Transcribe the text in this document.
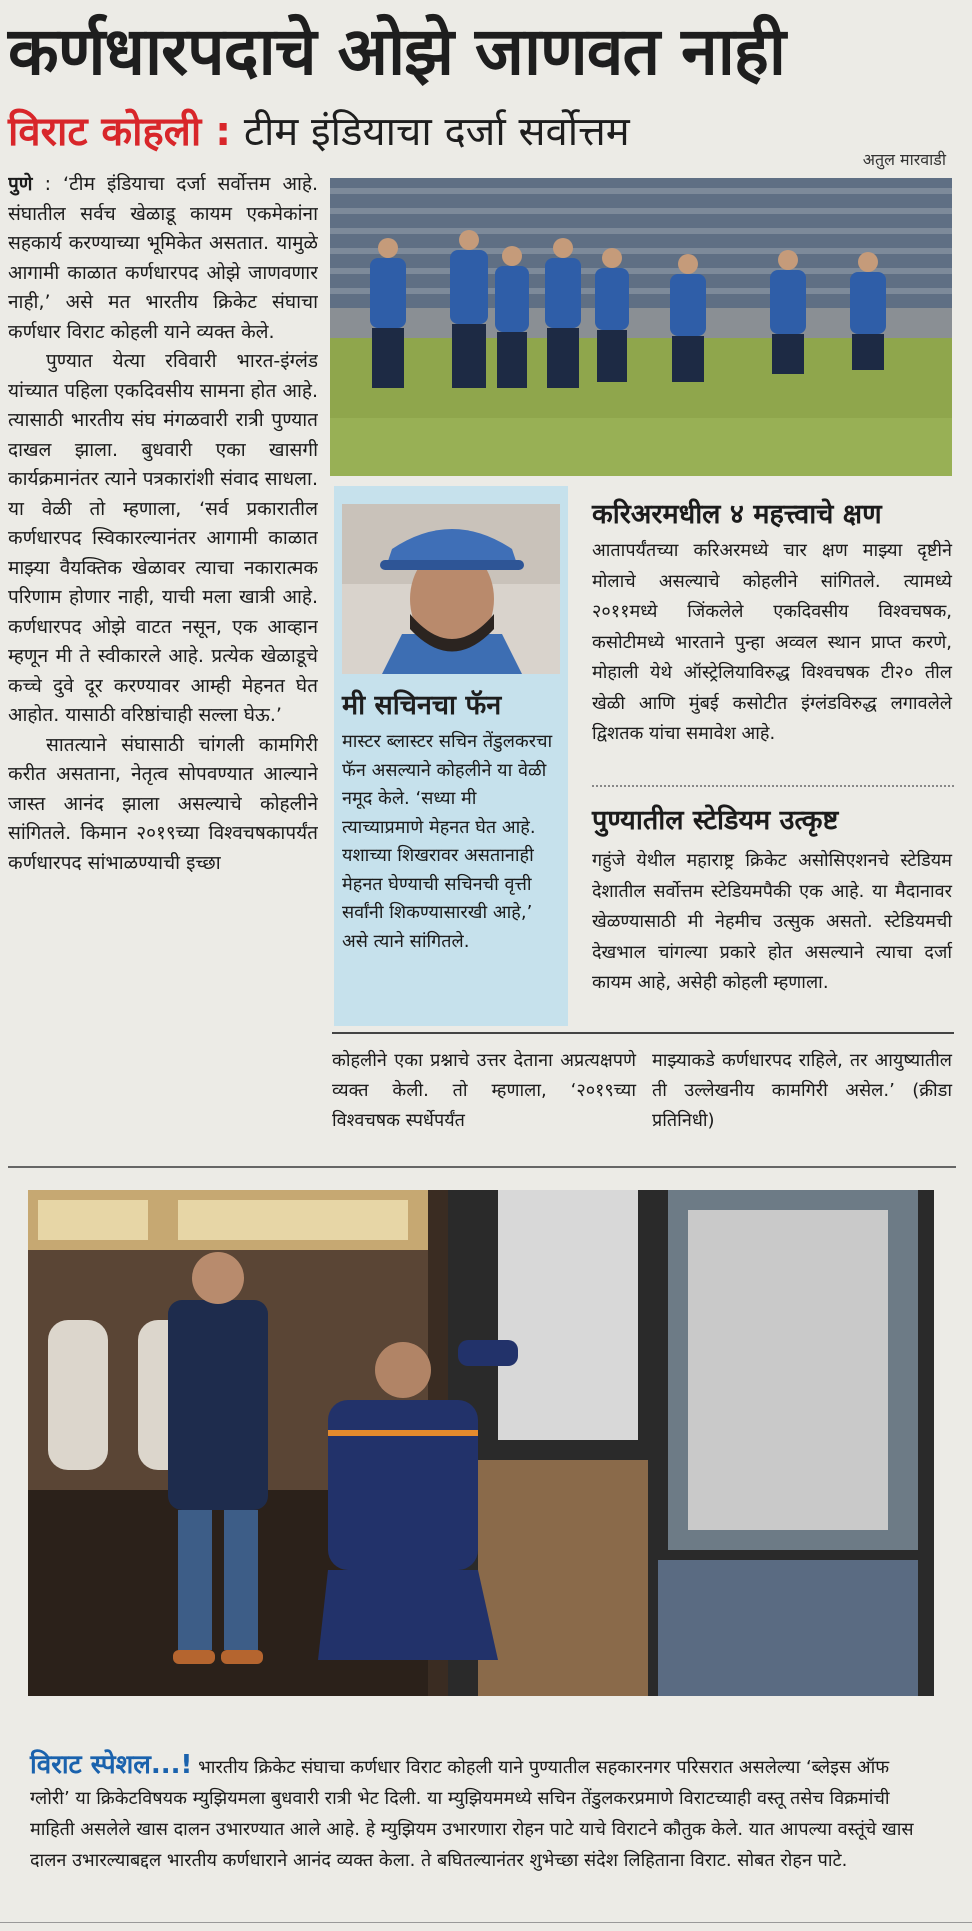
कर्णधारपदाचे ओझे जाणवत नाही
विराट कोहली : टीम इंडियाचा दर्जा सर्वोत्तम
अतुल मारवाडी

पुणे : ‘टीम इंडियाचा दर्जा सर्वोत्तम आहे. संघातील सर्वच खेळाडू कायम एकमेकांना सहकार्य करण्याच्या भूमिकेत असतात. यामुळे आगामी काळात कर्णधारपद ओझे जाणवणार नाही,’ असे मत भारतीय क्रिकेट संघाचा कर्णधार विराट कोहली याने व्यक्त केले.

पुण्यात येत्या रविवारी भारत-इंग्लंड यांच्यात पहिला एकदिवसीय सामना होत आहे. त्यासाठी भारतीय संघ मंगळवारी रात्री पुण्यात दाखल झाला. बुधवारी एका खासगी कार्यक्रमानंतर त्याने पत्रकारांशी संवाद साधला. या वेळी तो म्हणाला, ‘सर्व प्रकारातील कर्णधारपद स्विकारल्यानंतर आगामी काळात माझ्या वैयक्तिक खेळावर त्याचा नकारात्मक परिणाम होणार नाही, याची मला खात्री आहे. कर्णधारपद ओझे वाटत नसून, एक आव्हान म्हणून मी ते स्वीकारले आहे. प्रत्येक खेळाडूचे कच्चे दुवे दूर करण्यावर आम्ही मेहनत घेत आहोत. यासाठी वरिष्ठांचाही सल्ला घेऊ.’

सातत्याने संघासाठी चांगली कामगिरी करीत असताना, नेतृत्व सोपवण्यात आल्याने जास्त आनंद झाला असल्याचे कोहलीने सांगितले. किमान २०१९च्या विश्वचषकापर्यंत कर्णधारपद सांभाळण्याची इच्छा

मी सचिनचा फॅन
मास्टर ब्लास्टर सचिन तेंडुलकरचा फॅन असल्याने कोहलीने या वेळी नमूद केले. ‘सध्या मी त्याच्याप्रमाणे मेहनत घेत आहे. यशाच्या शिखरावर असतानाही मेहनत घेण्याची सचिनची वृत्ती सर्वांनी शिकण्यासारखी आहे,’ असे त्याने सांगितले.
करिअरमधील ४ महत्त्वाचे क्षण
आतापर्यंतच्या करिअरमध्ये चार क्षण माझ्या दृष्टीने मोलाचे असल्याचे कोहलीने सांगितले. त्यामध्ये २०११मध्ये जिंकलेले एकदिवसीय विश्वचषक, कसोटीमध्ये भारताने पुन्हा अव्वल स्थान प्राप्त करणे, मोहाली येथे ऑस्ट्रेलियाविरुद्ध विश्वचषक टी२० तील खेळी आणि मुंबई कसोटीत इंग्लंडविरुद्ध लगावलेले द्विशतक यांचा समावेश आहे.
पुण्यातील स्टेडियम उत्कृष्ट
गहुंजे येथील महाराष्ट्र क्रिकेट असोसिएशनचे स्टेडियम देशातील सर्वोत्तम स्टेडियमपैकी एक आहे. या मैदानावर खेळण्यासाठी मी नेहमीच उत्सुक असतो. स्टेडियमची देखभाल चांगल्या प्रकारे होत असल्याने त्याचा दर्जा कायम आहे, असेही कोहली म्हणाला.
कोहलीने एका प्रश्नाचे उत्तर देताना अप्रत्यक्षपणे व्यक्त केली. तो म्हणाला, ‘२०१९च्या विश्वचषक स्पर्धेपर्यंत
माझ्याकडे कर्णधारपद राहिले, तर आयुष्यातील ती उल्लेखनीय कामगिरी असेल.’ (क्रीडा प्रतिनिधी)
विराट स्पेशल...! भारतीय क्रिकेट संघाचा कर्णधार विराट कोहली याने पुण्यातील सहकारनगर परिसरात असलेल्या ‘ब्लेइस ऑफ ग्लोरी’ या क्रिकेटविषयक म्युझियमला बुधवारी रात्री भेट दिली. या म्युझियममध्ये सचिन तेंडुलकरप्रमाणे विराटच्याही वस्तू तसेच विक्रमांची माहिती असलेले खास दालन उभारण्यात आले आहे. हे म्युझियम उभारणारा रोहन पाटे याचे विराटने कौतुक केले. यात आपल्या वस्तूंचे खास दालन उभारल्याबद्दल भारतीय कर्णधाराने आनंद व्यक्त केला. ते बघितल्यानंतर शुभेच्छा संदेश लिहिताना विराट. सोबत रोहन पाटे.
